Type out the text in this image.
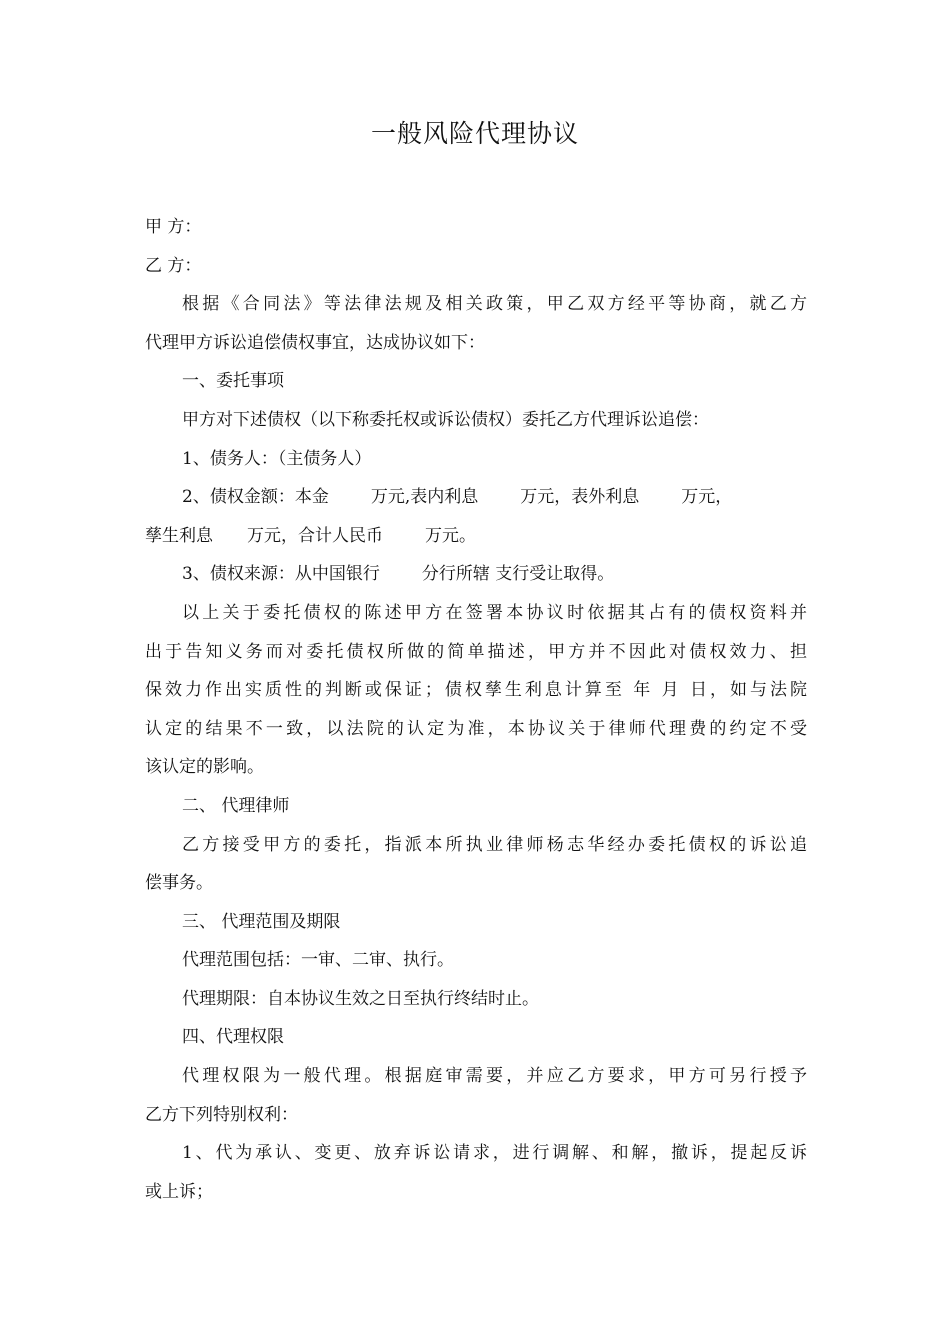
一般风险代理协议
甲 方：
乙 方：
根据《合同法》等法律法规及相关政策，甲乙双方经平等协商，就乙方
代理甲方诉讼追偿债权事宜，达成协议如下：
一、委托事项
甲方对下述债权（以下称委托权或诉讼债权）委托乙方代理诉讼追偿：
1、债务人：（主债务人）
2、债权金额：本金 万元,表内利息 万元，表外利息 万元，
孳生利息 万元，合计人民币 万元。
3、债权来源：从中国银行 分行所辖 支行受让取得。
以上关于委托债权的陈述甲方在签署本协议时依据其占有的债权资料并
出于告知义务而对委托债权所做的简单描述，甲方并不因此对债权效力、担
保效力作出实质性的判断或保证；债权孳生利息计算至 年 月 日，如与法院
认定的结果不一致，以法院的认定为准，本协议关于律师代理费的约定不受
该认定的影响。
二、 代理律师
乙方接受甲方的委托，指派本所执业律师杨志华经办委托债权的诉讼追
偿事务。
三、 代理范围及期限
代理范围包括：一审、二审、执行。
代理期限：自本协议生效之日至执行终结时止。
四、代理权限
代理权限为一般代理。根据庭审需要，并应乙方要求，甲方可另行授予
乙方下列特别权利：
1、代为承认、变更、放弃诉讼请求，进行调解、和解，撤诉，提起反诉
或上诉；
